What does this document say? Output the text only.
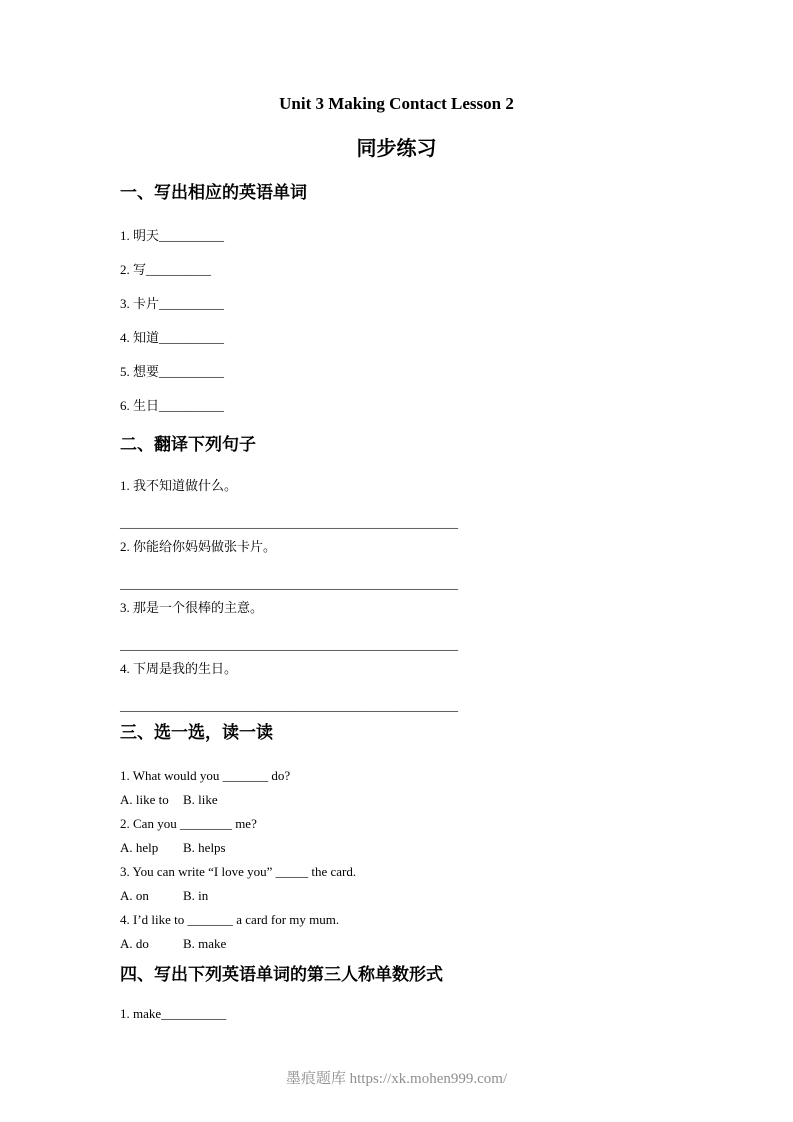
Unit 3 Making Contact Lesson 2
同步练习
一、写出相应的英语单词

1. 明天__________

2. 写__________

3. 卡片__________

4. 知道__________

5. 想要__________

6. 生日__________

二、翻译下列句子

1. 我不知道做什么。

____________________________________________________

2. 你能给你妈妈做张卡片。

____________________________________________________

3. 那是一个很棒的主意。

____________________________________________________

4. 下周是我的生日。

____________________________________________________

三、选一选，读一读

1. What would you _______ do?

A. like to B. like

2. Can you ________ me?

A. help B. helps

3. You can write “I love you” _____ the card.

A. on	B. in

4. I’d like to _______ a card for my mum.

A. do	B. make

四、写出下列英语单词的第三人称单数形式

1. make__________

墨痕题库 https://xk.mohen999.com/
